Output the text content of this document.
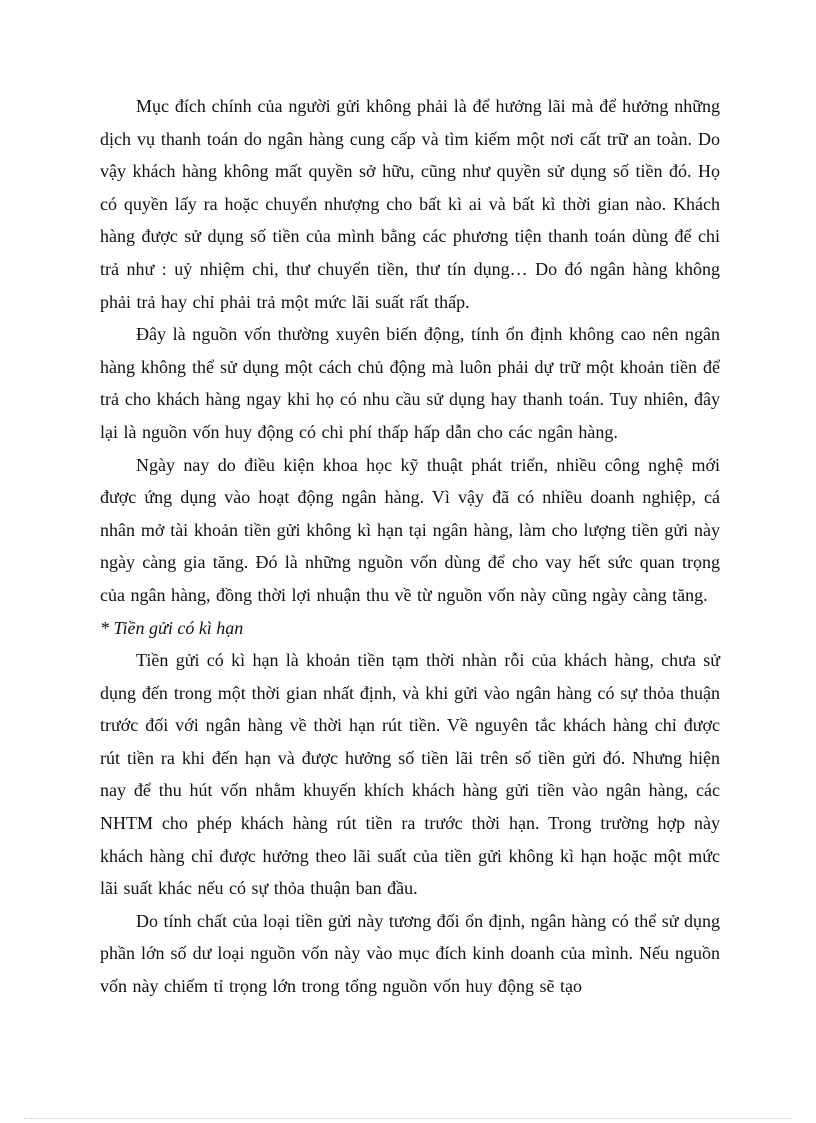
Mục đích chính của người gửi không phải là để hưởng lãi mà để hưởng những dịch vụ thanh toán do ngân hàng cung cấp và tìm kiếm một nơi cất trữ an toàn. Do vậy khách hàng không mất quyền sở hữu, cũng như quyền sử dụng số tiền đó. Họ có quyền lấy ra hoặc chuyển nhượng cho bất kì ai và bất kì thời gian nào. Khách hàng được sử dụng số tiền của mình bằng các phương tiện thanh toán dùng để chi trả như : uỷ nhiệm chi, thư chuyển tiền, thư tín dụng… Do đó ngân hàng không phải trả hay chỉ phải trả một mức lãi suất rất thấp.

Đây là nguồn vốn thường xuyên biến động, tính ổn định không cao nên ngân hàng không thể sử dụng một cách chủ động mà luôn phải dự trữ một khoản tiền để trả cho khách hàng ngay khi họ có nhu cầu sử dụng hay thanh toán. Tuy nhiên, đây lại là nguồn vốn huy động có chi phí thấp hấp dẫn cho các ngân hàng.

Ngày nay do điều kiện khoa học kỹ thuật phát triển, nhiều công nghệ mới được ứng dụng vào hoạt động ngân hàng. Vì vậy đã có nhiều doanh nghiệp, cá nhân mở tài khoản tiền gửi không kì hạn tại ngân hàng, làm cho lượng tiền gửi này ngày càng gia tăng. Đó là những nguồn vốn dùng để cho vay hết sức quan trọng của ngân hàng, đồng thời lợi nhuận thu về từ nguồn vốn này cũng ngày càng tăng.

* Tiền gửi có kì hạn

Tiền gửi có kì hạn là khoản tiền tạm thời nhàn rỗi của khách hàng, chưa sử dụng đến trong một thời gian nhất định, và khi gửi vào ngân hàng có sự thỏa thuận trước đối với ngân hàng về thời hạn rút tiền. Về nguyên tắc khách hàng chỉ được rút tiền ra khi đến hạn và được hưởng số tiền lãi trên số tiền gửi đó. Nhưng hiện nay để thu hút vốn nhằm khuyến khích khách hàng gửi tiền vào ngân hàng, các NHTM cho phép khách hàng rút tiền ra trước thời hạn. Trong trường hợp này khách hàng chỉ được hưởng theo lãi suất của tiền gửi không kì hạn hoặc một mức lãi suất khác nếu có sự thỏa thuận ban đầu.

Do tính chất của loại tiền gửi này tương đối ổn định, ngân hàng có thể sử dụng phần lớn số dư loại nguồn vốn này vào mục đích kinh doanh của mình. Nếu nguồn vốn này chiếm tỉ trọng lớn trong tổng nguồn vốn huy động sẽ tạo
